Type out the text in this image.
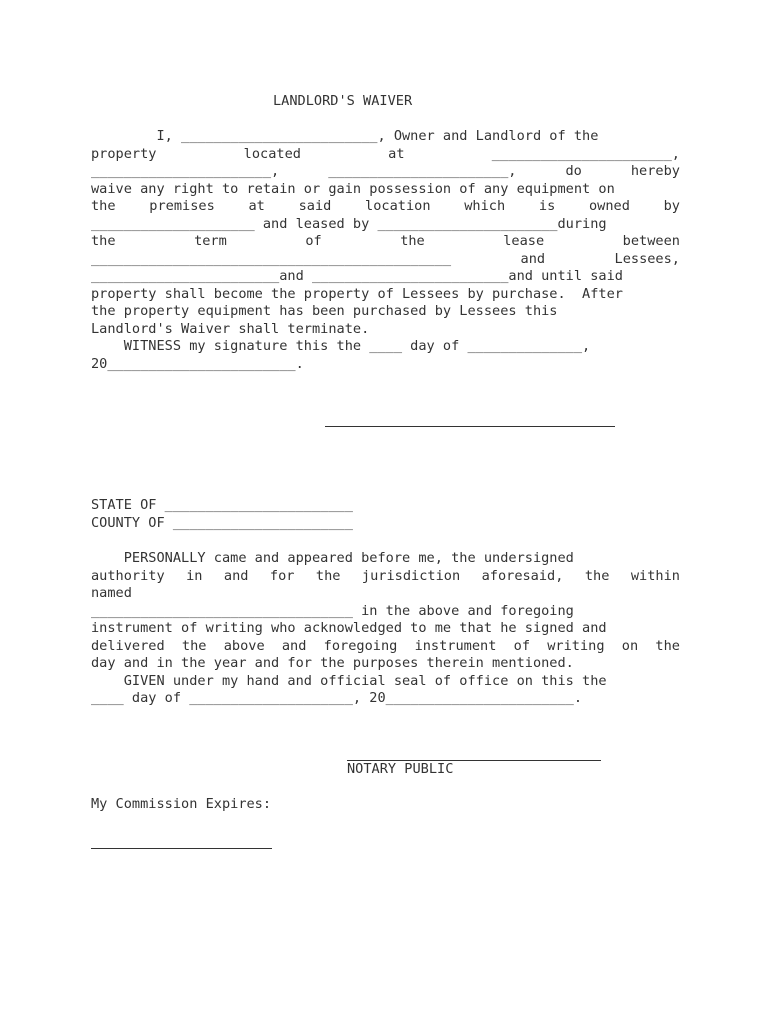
LANDLORD'S WAIVER
I, ________________________, Owner and Landlord of the
property	located	at	______________________,
______________________,	______________________,	do	hereby
waive any right to retain or gain possession of any equipment on
the premises at said location which is owned by
____________________ and leased by ______________________during
the	term	of	the	lease	between
____________________________________________	and	Lessees,
_______________________and ________________________and until said
property shall become the property of Lessees by purchase.  After
the property equipment has been purchased by Lessees this
Landlord's Waiver shall terminate.
WITNESS my signature this the ____ day of ______________,
20_______________________.
STATE OF _______________________
COUNTY OF ______________________
PERSONALLY came and appeared before me, the undersigned
authority in and for the jurisdiction aforesaid, the within
named
________________________________ in the above and foregoing
instrument of writing who acknowledged to me that he signed and
delivered the above and foregoing instrument of writing on the
day and in the year and for the purposes therein mentioned.
GIVEN under my hand and official seal of office on this the
____ day of ____________________, 20_______________________.
NOTARY PUBLIC
My Commission Expires:
